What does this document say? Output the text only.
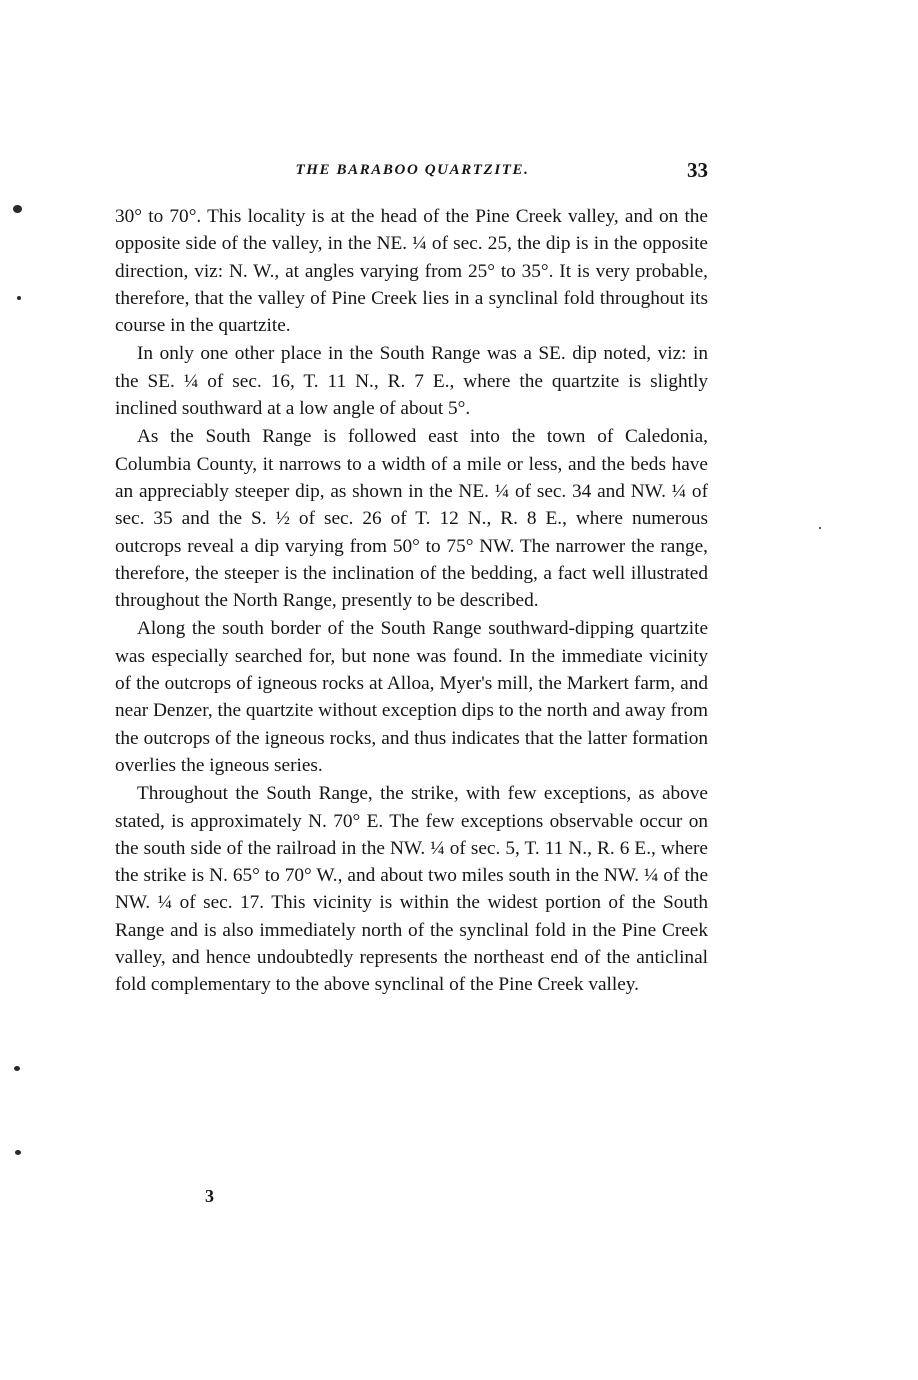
THE BARABOO QUARTZITE.	33

30° to 70°. This locality is at the head of the Pine Creek valley, and on the opposite side of the valley, in the NE. ¼ of sec. 25, the dip is in the opposite direction, viz: N. W., at angles varying from 25° to 35°. It is very probable, therefore, that the valley of Pine Creek lies in a synclinal fold throughout its course in the quartzite.

In only one other place in the South Range was a SE. dip noted, viz: in the SE. ¼ of sec. 16, T. 11 N., R. 7 E., where the quartzite is slightly inclined southward at a low angle of about 5°.

As the South Range is followed east into the town of Caledonia, Columbia County, it narrows to a width of a mile or less, and the beds have an appreciably steeper dip, as shown in the NE. ¼ of sec. 34 and NW. ¼ of sec. 35 and the S. ½ of sec. 26 of T. 12 N., R. 8 E., where numerous outcrops reveal a dip varying from 50° to 75° NW. The narrower the range, therefore, the steeper is the inclination of the bedding, a fact well illustrated throughout the North Range, presently to be described.

Along the south border of the South Range southward-dipping quartzite was especially searched for, but none was found. In the immediate vicinity of the outcrops of igneous rocks at Alloa, Myer's mill, the Markert farm, and near Denzer, the quartzite without exception dips to the north and away from the outcrops of the igneous rocks, and thus indicates that the latter formation overlies the igneous series.

Throughout the South Range, the strike, with few exceptions, as above stated, is approximately N. 70° E. The few exceptions observable occur on the south side of the railroad in the NW. ¼ of sec. 5, T. 11 N., R. 6 E., where the strike is N. 65° to 70° W., and about two miles south in the NW. ¼ of the NW. ¼ of sec. 17. This vicinity is within the widest portion of the South Range and is also immediately north of the synclinal fold in the Pine Creek valley, and hence undoubtedly represents the northeast end of the anticlinal fold complementary to the above synclinal of the Pine Creek valley.

3
